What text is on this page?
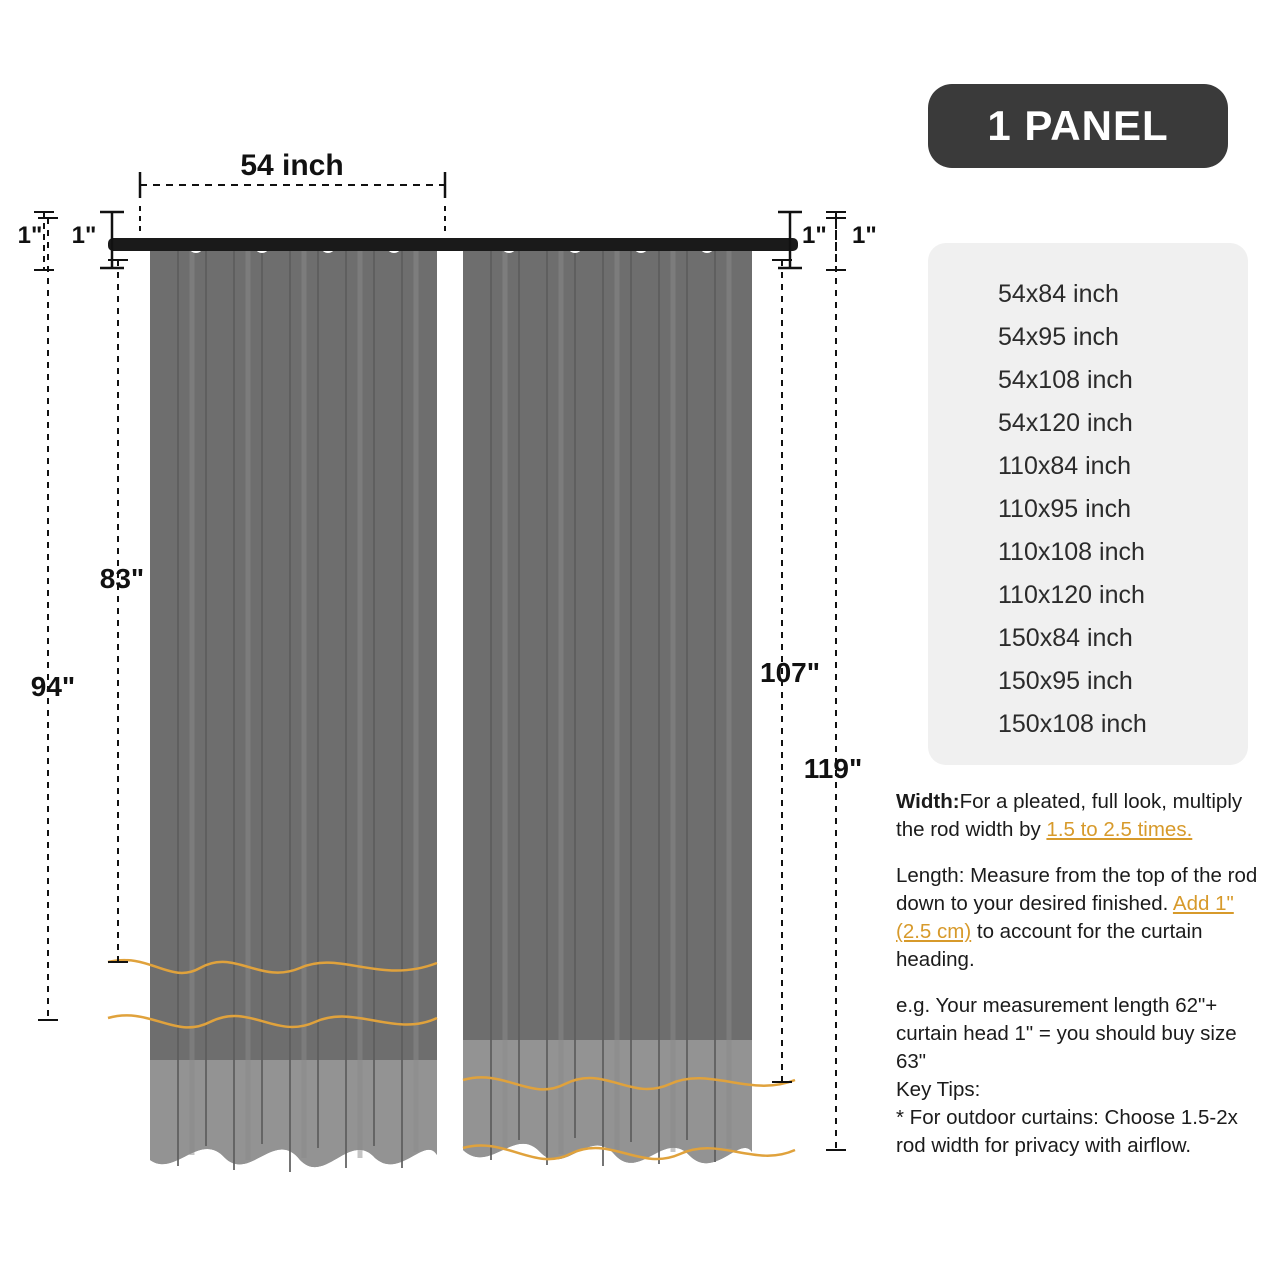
54 inch
1" 1"	1" 1"
83"
94"	107"
119"
1 PANEL
54x84 inch
54x95 inch
54x108 inch
54x120 inch
110x84 inch
110x95 inch
110x108 inch
110x120 inch
150x84 inch
150x95 inch
150x108 inch

Width:For a pleated, full look, multiply the rod width by 1.5 to 2.5 times.

Length: Measure from the top of the rod down to your desired finished. Add 1" (2.5 cm) to account for the curtain heading.

e.g. Your measurement length 62"+ curtain head 1" = you should buy size 63"

Key Tips:

* For outdoor curtains: Choose 1.5-2x rod width for privacy with airflow.
